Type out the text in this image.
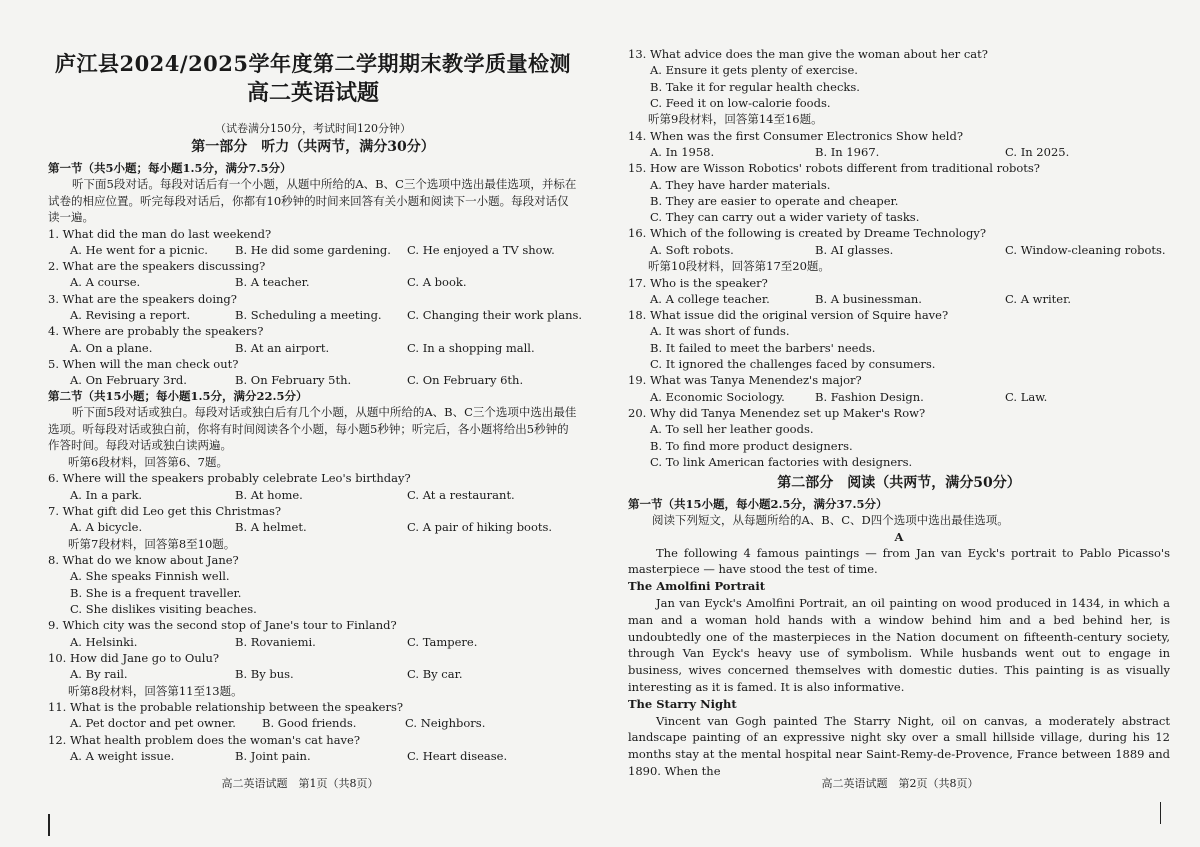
庐江县2024/2025学年度第二学期期末教学质量检测
高二英语试题
（试卷满分150分，考试时间120分钟）
第一部分　听力（共两节，满分30分）
第一节（共5小题；每小题1.5分，满分7.5分）
听下面5段对话。每段对话后有一个小题，从题中所给的A、B、C三个选项中选出最佳选项，并标在试卷的相应位置。听完每段对话后，你都有10秒钟的时间来回答有关小题和阅读下一小题。每段对话仅读一遍。
1. What did the man do last weekend?
A. He went for a picnic.	B. He did some gardening.	C. He enjoyed a TV show.
2. What are the speakers discussing?
A. A course.	B. A teacher.	C. A book.
3. What are the speakers doing?
A. Revising a report.	B. Scheduling a meeting.	C. Changing their work plans.
4. Where are probably the speakers?
A. On a plane.	B. At an airport.	C. In a shopping mall.
5. When will the man check out?
A. On February 3rd.	B. On February 5th.	C. On February 6th.
第二节（共15小题；每小题1.5分，满分22.5分）
听下面5段对话或独白。每段对话或独白后有几个小题，从题中所给的A、B、C三个选项中选出最佳选项。听每段对话或独白前，你将有时间阅读各个小题，每小题5秒钟；听完后，各小题将给出5秒钟的作答时间。每段对话或独白读两遍。
听第6段材料，回答第6、7题。
6. Where will the speakers probably celebrate Leo's birthday?
A. In a park.	B. At home.	C. At a restaurant.
7. What gift did Leo get this Christmas?
A. A bicycle.	B. A helmet.	C. A pair of hiking boots.
听第7段材料，回答第8至10题。
8. What do we know about Jane?
A. She speaks Finnish well.
B. She is a frequent traveller.
C. She dislikes visiting beaches.
9. Which city was the second stop of Jane's tour to Finland?
A. Helsinki.	B. Rovaniemi.	C. Tampere.
10. How did Jane go to Oulu?
A. By rail.	B. By bus.	C. By car.
听第8段材料，回答第11至13题。
11. What is the probable relationship between the speakers?
A. Pet doctor and pet owner.	B. Good friends.	C. Neighbors.
12. What health problem does the woman's cat have?
A. A weight issue.	B. Joint pain.	C. Heart disease.
高二英语试题　第1页（共8页）
13. What advice does the man give the woman about her cat?
A. Ensure it gets plenty of exercise.
B. Take it for regular health checks.
C. Feed it on low-calorie foods.
听第9段材料，回答第14至16题。
14. When was the first Consumer Electronics Show held?
A. In 1958.	B. In 1967.	C. In 2025.
15. How are Wisson Robotics' robots different from traditional robots?
A. They have harder materials.
B. They are easier to operate and cheaper.
C. They can carry out a wider variety of tasks.
16. Which of the following is created by Dreame Technology?
A. Soft robots.	B. AI glasses.	C. Window-cleaning robots.
听第10段材料，回答第17至20题。
17. Who is the speaker?
A. A college teacher.	B. A businessman.	C. A writer.
18. What issue did the original version of Squire have?
A. It was short of funds.
B. It failed to meet the barbers' needs.
C. It ignored the challenges faced by consumers.
19. What was Tanya Menendez's major?
A. Economic Sociology.	B. Fashion Design.	C. Law.
20. Why did Tanya Menendez set up Maker's Row?
A. To sell her leather goods.
B. To find more product designers.
C. To link American factories with designers.
第二部分　阅读（共两节，满分50分）
第一节（共15小题，每小题2.5分，满分37.5分）
阅读下列短文，从每题所给的A、B、C、D四个选项中选出最佳选项。
A
The following 4 famous paintings — from Jan van Eyck's portrait to Pablo Picasso's masterpiece — have stood the test of time.
The Amolfini Portrait
Jan van Eyck's Amolfini Portrait, an oil painting on wood produced in 1434, in which a man and a woman hold hands with a window behind him and a bed behind her, is undoubtedly one of the masterpieces in the Nation document on fifteenth-century society, through Van Eyck's heavy use of symbolism. While husbands went out to engage in business, wives concerned themselves with domestic duties. This painting is as visually interesting as it is famed. It is also informative.
The Starry Night
Vincent van Gogh painted The Starry Night, oil on canvas, a moderately abstract landscape painting of an expressive night sky over a small hillside village, during his 12 months stay at the mental hospital near Saint-Remy-de-Provence, France between 1889 and 1890. When the
高二英语试题　第2页（共8页）
